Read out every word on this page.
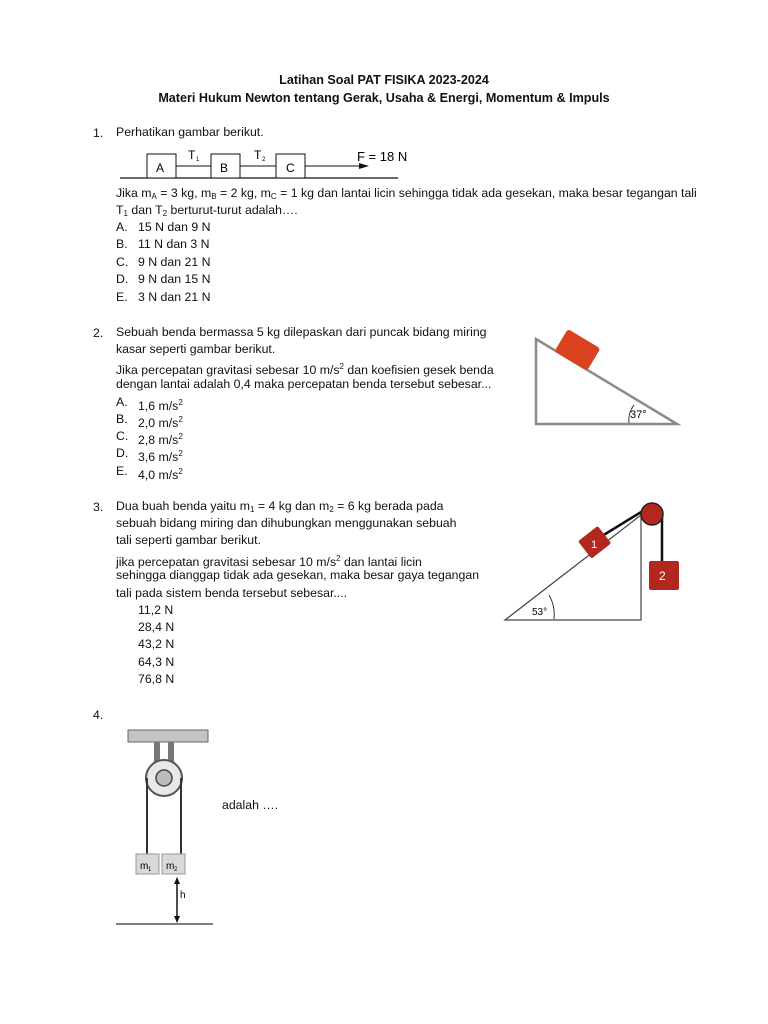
Latihan Soal PAT FISIKA 2023-2024
Materi Hukum Newton tentang Gerak, Usaha & Energi, Momentum & Impuls
1. Perhatikan gambar berikut.
A	B	C
T 1	T 2	F = 18 N
Jika $m_A = 3$ kg, $m_B = 2$ kg, $m_C = 1$ kg dan lantai licin sehingga tidak ada gesekan, maka besar tegangan tali
$T_1$ dan $T_2$ berturut-turut adalah….
A. 15 N dan 9 N
B. 11 N dan 3 N
C. 9 N dan 21 N
D. 9 N dan 15 N
E. 3 N dan 21 N
2. Sebuah benda bermassa 5 kg dilepaskan dari puncak bidang miring
kasar seperti gambar berikut.
Jika percepatan gravitasi sebesar 10 $m/s^2$ dan koefisien gesek benda
dengan lantai adalah 0,4 maka percepatan benda tersebut sebesar...
A. 1,6 $m/s^2$
B. 2,0 $m/s^2$
C. 2,8 $m/s^2$
D. 3,6 $m/s^2$
E. 4,0 $m/s^2$
37°
3. Dua buah benda yaitu $m_1 = 4$ kg dan $m_2 = 6$ kg berada pada
sebuah bidang miring dan dihubungkan menggunakan sebuah
tali seperti gambar berikut.
jika percepatan gravitasi sebesar 10 $m/s^2$ dan lantai licin
sehingga dianggap tidak ada gesekan, maka besar gaya tegangan
tali pada sistem benda tersebut sebesar....
11,2 N
28,4 N
43,2 N
64,3 N
76,8 N
1
2
53°
4.
m 1 m 2
h
adalah ….
